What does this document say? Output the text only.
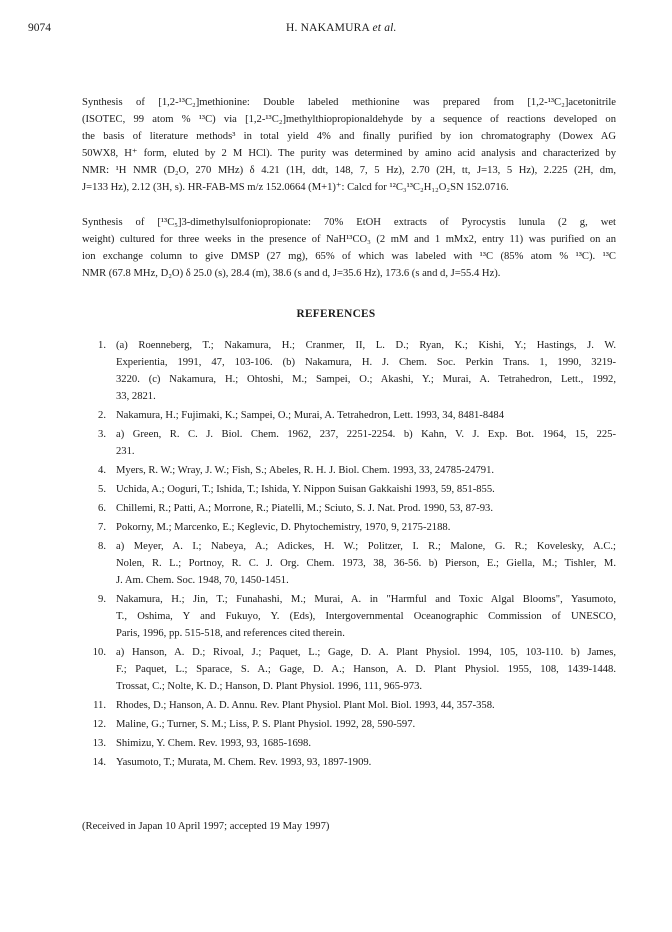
9074	H. NAKAMURA et al.
Synthesis of [1,2-¹³C₂]methionine: Double labeled methionine was prepared from [1,2-¹³C₂]acetonitrile
(ISOTEC, 99 atom % ¹³C) via [1,2-¹³C₂]methylthiopropionaldehyde by a sequence of reactions developed on
the basis of literature methods³ in total yield 4% and finally purified by ion chromatography (Dowex AG
50WX8, H⁺ form, eluted by 2 M HCl). The purity was determined by amino acid analysis and characterized by
NMR: ¹H NMR (D₂O, 270 MHz) δ 4.21 (1H, ddt, 148, 7, 5 Hz), 2.70 (2H, tt, J=13, 5 Hz), 2.225 (2H, dm,
J=133 Hz), 2.12 (3H, s). HR-FAB-MS m/z 152.0664 (M+1)⁺: Calcd for ¹²C₃¹³C₂H₁₂O₂SN 152.0716.
Synthesis of [¹³C₅]3-dimethylsulfoniopropionate: 70% EtOH extracts of Pyrocystis lunula (2 g, wet
weight) cultured for three weeks in the presence of NaH¹³CO₃ (2 mM and 1 mMx2, entry 11) was purified on an
ion exchange column to give DMSP (27 mg), 65% of which was labeled with ¹³C (85% atom % ¹³C). ¹³C
NMR (67.8 MHz, D₂O) δ 25.0 (s), 28.4 (m), 38.6 (s and d, J=35.6 Hz), 173.6 (s and d, J=55.4 Hz).
REFERENCES
1. (a) Roenneberg, T.; Nakamura, H.; Cranmer, II, L. D.; Ryan, K.; Kishi, Y.; Hastings, J. W.
Experientia, 1991, 47, 103-106. (b) Nakamura, H. J. Chem. Soc. Perkin Trans. 1, 1990, 3219-
3220. (c) Nakamura, H.; Ohtoshi, M.; Sampei, O.; Akashi, Y.; Murai, A. Tetrahedron, Lett., 1992,
33, 2821.
2. Nakamura, H.; Fujimaki, K.; Sampei, O.; Murai, A. Tetrahedron, Lett. 1993, 34, 8481-8484
3. a) Green, R. C. J. Biol. Chem. 1962, 237, 2251-2254. b) Kahn, V. J. Exp. Bot. 1964, 15, 225-
231.
4. Myers, R. W.; Wray, J. W.; Fish, S.; Abeles, R. H. J. Biol. Chem. 1993, 33, 24785-24791.
5. Uchida, A.; Ooguri, T.; Ishida, T.; Ishida, Y. Nippon Suisan Gakkaishi 1993, 59, 851-855.
6. Chillemi, R.; Patti, A.; Morrone, R.; Piatelli, M.; Sciuto, S. J. Nat. Prod. 1990, 53, 87-93.
7. Pokorny, M.; Marcenko, E.; Keglevic, D. Phytochemistry, 1970, 9, 2175-2188.
8. a) Meyer, A. I.; Nabeya, A.; Adickes, H. W.; Politzer, I. R.; Malone, G. R.; Kovelesky, A.C.;
Nolen, R. L.; Portnoy, R. C. J. Org. Chem. 1973, 38, 36-56. b) Pierson, E.; Giella, M.; Tishler, M.
J. Am. Chem. Soc. 1948, 70, 1450-1451.
9. Nakamura, H.; Jin, T.; Funahashi, M.; Murai, A. in "Harmful and Toxic Algal Blooms", Yasumoto,
T., Oshima, Y and Fukuyo, Y. (Eds), Intergovernmental Oceanographic Commission of UNESCO,
Paris, 1996, pp. 515-518, and references cited therein.
10. a) Hanson, A. D.; Rivoal, J.; Paquet, L.; Gage, D. A. Plant Physiol. 1994, 105, 103-110. b) James,
F.; Paquet, L.; Sparace, S. A.; Gage, D. A.; Hanson, A. D. Plant Physiol. 1955, 108, 1439-1448.
Trossat, C.; Nolte, K. D.; Hanson, D. Plant Physiol. 1996, 111, 965-973.
11. Rhodes, D.; Hanson, A. D. Annu. Rev. Plant Physiol. Plant Mol. Biol. 1993, 44, 357-358.
12. Maline, G.; Turner, S. M.; Liss, P. S. Plant Physiol. 1992, 28, 590-597.
13. Shimizu, Y. Chem. Rev. 1993, 93, 1685-1698.
14. Yasumoto, T.; Murata, M. Chem. Rev. 1993, 93, 1897-1909.
(Received in Japan 10 April 1997; accepted 19 May 1997)
